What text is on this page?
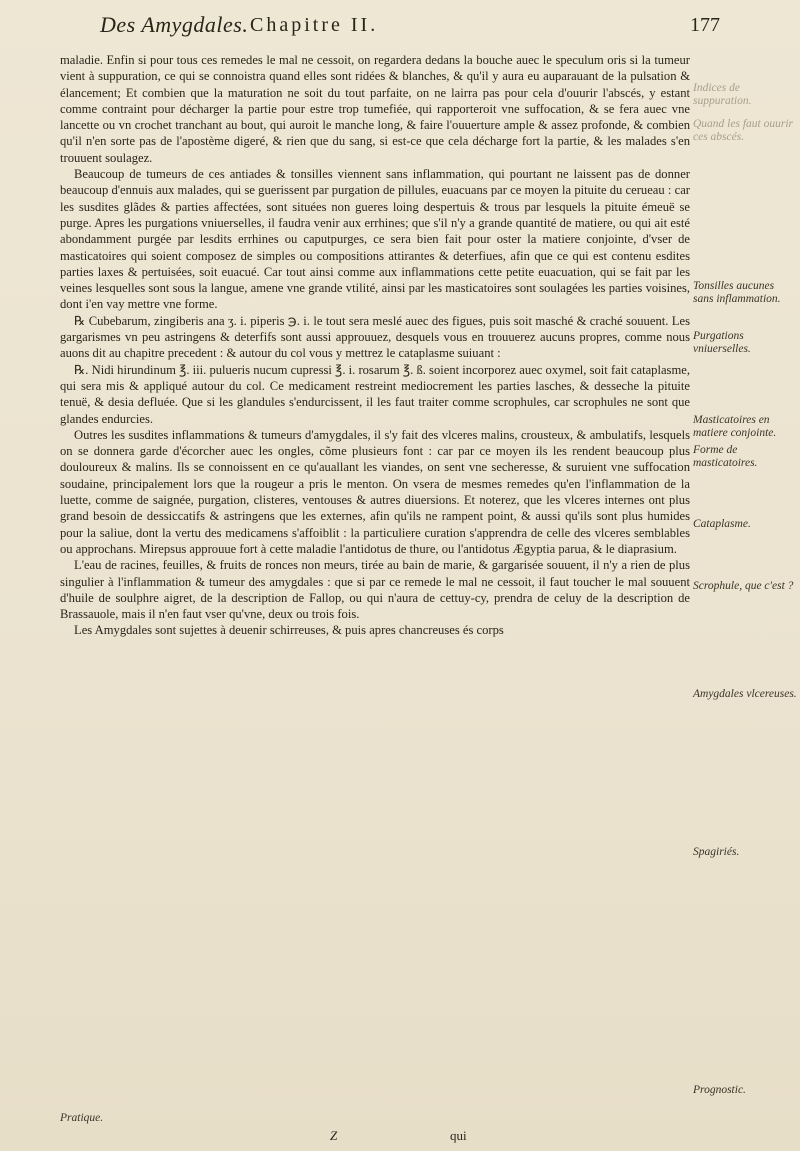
Des Amygdales. Chapitre II.	177

maladie. Enfin si pour tous ces remedes le mal ne cessoit, on regardera dedans la bouche auec le speculum oris si la tumeur vient à suppuration, ce qui se connoistra quand elles sont ridées & blanches, & qu'il y aura eu auparauant de la pulsation & élancement; Et combien que la maturation ne soit du tout parfaite, on ne lairra pas pour cela d'ouurir l'abscés, y estant comme contraint pour décharger la partie pour estre trop tumefiée, qui rapporteroit vne suffocation, & se fera auec vne lancette ou vn crochet tranchant au bout, qui auroit le manche long, & faire l'ouuerture ample & assez profonde, & combien qu'il n'en sorte pas de l'apostème digeré, & rien que du sang, si est-ce que cela décharge fort la partie, & les malades s'en trouuent soulagez.

Beaucoup de tumeurs de ces antiades & tonsilles viennent sans inflammation, qui pourtant ne laissent pas de donner beaucoup d'ennuis aux malades, qui se guerissent par purgation de pillules, euacuans par ce moyen la pituite du cerueau : car les susdites glãdes & parties affectées, sont situées non gueres loing despertuis & trous par lesquels la pituite émeuë se purge. Apres les purgations vniuerselles, il faudra venir aux errhines; que s'il n'y a grande quantité de matiere, ou qui ait esté abondamment purgée par lesdits errhines ou caputpurges, ce sera bien fait pour oster la matiere conjointe, d'vser de masticatoires qui soient composez de simples ou compositions attirantes & deterfiues, afin que ce qui est contenu esdites parties laxes & pertuisées, soit euacué. Car tout ainsi comme aux inflammations cette petite euacuation, qui se fait par les veines lesquelles sont sous la langue, amene vne grande vtilité, ainsi par les masticatoires sont soulagées les parties voisines, dont i'en vay mettre vne forme.

℞ Cubebarum, zingiberis ana ʒ. i. piperis ℈. i. le tout sera meslé auec des figues, puis soit masché & craché souuent. Les gargarismes vn peu astringens & deterfifs sont aussi approuuez, desquels vous en trouuerez aucuns propres, comme nous auons dit au chapitre precedent : & autour du col vous y mettrez le cataplasme suiuant :

℞. Nidi hirundinum ℥. iii. pulueris nucum cupressi ℥. i. rosarum ℥. ß. soient incorporez auec oxymel, soit fait cataplasme, qui sera mis & appliqué autour du col. Ce medicament restreint mediocrement les parties lasches, & desseche la pituite tenuë, & desia defluée. Que si les glandules s'endurcissent, il les faut traiter comme scrophules, car scrophules ne sont que glandes endurcies.

Outres les susdites inflammations & tumeurs d'amygdales, il s'y fait des vlceres malins, crousteux, & ambulatifs, lesquels on se donnera garde d'écorcher auec les ongles, cõme plusieurs font : car par ce moyen ils les rendent beaucoup plus douloureux & malins. Ils se connoissent en ce qu'auallant les viandes, on sent vne secheresse, & suruient vne suffocation soudaine, principalement lors que la rougeur a pris le menton. On vsera de mesmes remedes qu'en l'inflammation de la luette, comme de saignée, purgation, clisteres, ventouses & autres diuersions. Et noterez, que les vlceres internes ont plus grand besoin de dessiccatifs & astringens que les externes, afin qu'ils ne rampent point, & aussi qu'ils sont plus humides pour la saliue, dont la vertu des medicamens s'affoiblit : la particuliere curation s'apprendra de celle des vlceres semblables ou approchans. Mirepsus approuue fort à cette maladie l'antidotus de thure, ou l'antidotus Ægyptia parua, & le diaprasium.

L'eau de racines, feuilles, & fruits de ronces non meurs, tirée au bain de marie, & gargarisée souuent, il n'y a rien de plus singulier à l'inflammation & tumeur des amygdales : que si par ce remede le mal ne cessoit, il faut toucher le mal souuent d'huile de soulphre aigret, de la description de Fallop, ou qui n'aura de cettuy-cy, prendra de celuy de la description de Brassauole, mais il n'en faut vser qu'vne, deux ou trois fois.

Les Amygdales sont sujettes à deuenir schirreuses, & puis apres chancreuses és corps

Indices de suppuration.
Quand les faut ouurir ces abscés.
Tonsilles aucunes sans inflammation.
Purgations vniuerselles.
Masticatoires en matiere conjointe.
Forme de masticatoires.
Cataplasme.
Scrophule, que c'est ?
Amygdales vlcereuses.
Spagiriés.
Prognostic.
Z	qui
Pratique.
